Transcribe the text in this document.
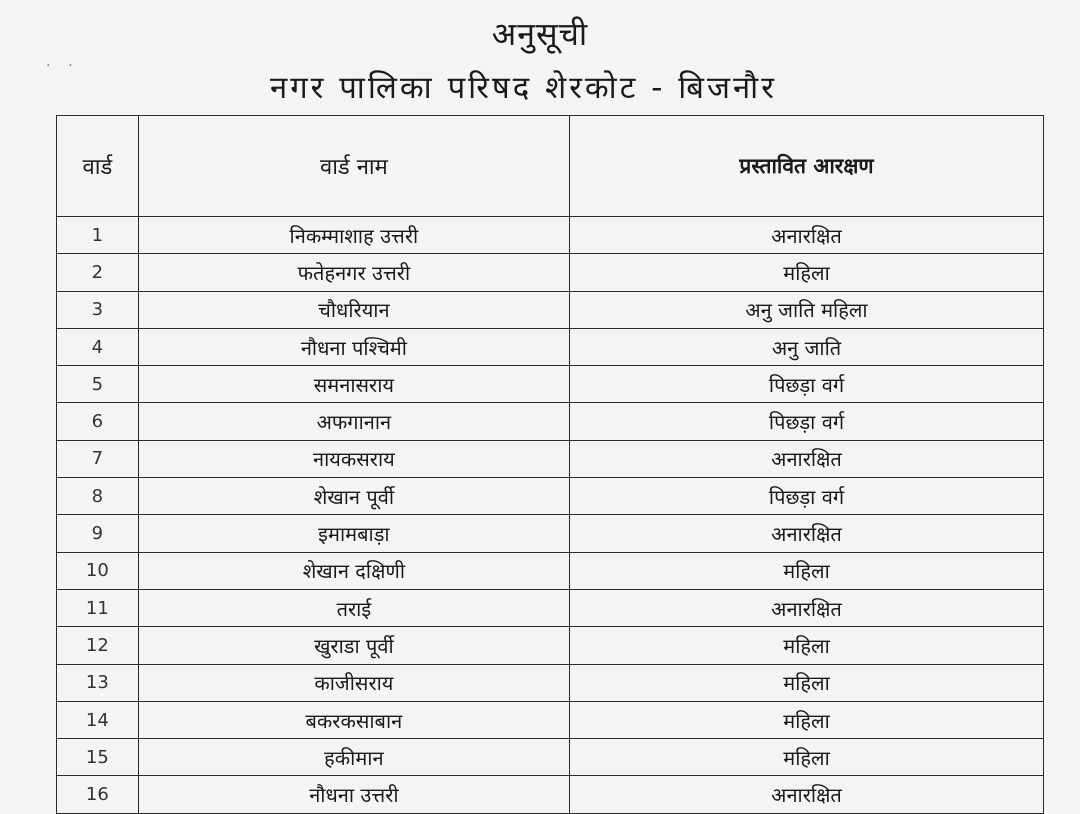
अनुसूची
नगर पालिका परिषद शेरकोट - बिजनौर
·    ·
वार्ड	वार्ड नाम	प्रस्तावित आरक्षण
1	निकम्माशाह उत्तरी	अनारक्षित
2	फतेहनगर उत्तरी	महिला
3	चौधरियान	अनु जाति महिला
4	नौधना पश्चिमी	अनु जाति
5	समनासराय	पिछड़ा वर्ग
6	अफगानान	पिछड़ा वर्ग
7	नायकसराय	अनारक्षित
8	शेखान पूर्वी	पिछड़ा वर्ग
9	इमामबाड़ा	अनारक्षित
10	शेखान दक्षिणी	महिला
11	तराई	अनारक्षित
12	खुराडा पूर्वी	महिला
13	काजीसराय	महिला
14	बकरकसाबान	महिला
15	हकीमान	महिला
16	नौधना उत्तरी	अनारक्षित
